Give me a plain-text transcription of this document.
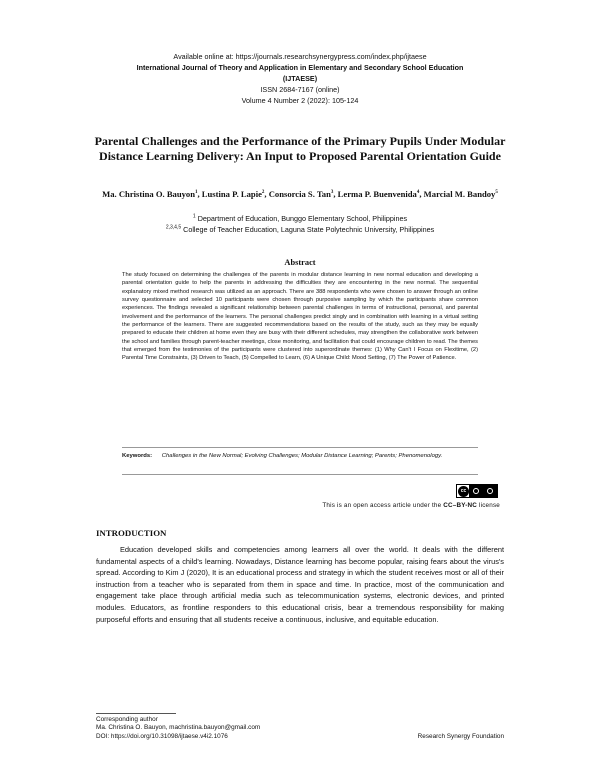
Available online at: https://journals.researchsynergypress.com/index.php/ijtaese
International Journal of Theory and Application in Elementary and Secondary School Education
(IJTAESE)
ISSN 2684-7167 (online)
Volume 4 Number 2 (2022): 105-124
Parental Challenges and the Performance of the Primary Pupils Under Modular Distance Learning Delivery: An Input to Proposed Parental Orientation Guide
Ma. Christina O. Bauyon$^1$, Lustina P. Lapie$^2$, Consorcia S. Tan$^3$, Lerma P. Buenvenida$^4$, Marcial M. Bandoy$^5$
$^1$ Department of Education, Bunggo Elementary School, Philippines
$^{2,3,4,5}$ College of Teacher Education, Laguna State Polytechnic University, Philippines
Abstract
The study focused on determining the challenges of the parents in modular distance learning in new normal education and developing a parental orientation guide to help the parents in addressing the difficulties they are encountering in the new normal. The sequential explanatory mixed method research was utilized as an approach. There are 388 respondents who were chosen to answer through an online survey questionnaire and selected 10 participants were chosen through purposive sampling by which the participants share common experiences. The findings revealed a significant relationship between parental challenges in terms of instructional, personal, and parental involvement and the performance of the learners. The personal challenges predict singly and in combination with learning in a virtual setting the performance of the learners. There are suggested recommendations based on the results of the study, such as they may be equally prepared to educate their children at home even they are busy with their different schedules, may strengthen the collaborative work between the school and families through parent-teacher meetings, close monitoring, and facilitation that could encourage children to read. The themes that emerged from the testimonies of the participants were clustered into superordinate themes: (1) Why Can't I Focus on Flexitime, (2) Parental Time Constraints, (3) Driven to Teach, (5) Compelled to Learn, (6) A Unique Child: Mood Setting, (7) The Power of Patience.
Keywords: Challenges in the New Normal; Evolving Challenges; Modular Distance Learning; Parents; Phenomenology.
cc
This is an open access article under the CC–BY-NC license
INTRODUCTION
Education developed skills and competencies among learners all over the world. It deals with the different fundamental aspects of a child's learning. Nowadays, Distance learning has become popular, raising fears about the virus's spread. According to Kim J (2020), It is an educational process and strategy in which the student receives most or all of their instruction from a teacher who is separated from them in space and time. In practice, most of the communication and engagement take place through artificial media such as telecommunication systems, electronic devices, and printed modules. Educators, as frontline responders to this educational crisis, bear a tremendous responsibility for making purposeful efforts and ensuring that all students receive a continuous, inclusive, and equitable education.
Corresponding author
Ma. Christina O. Bauyon, machristina.bauyon@gmail.com
DOI: https://doi.org/10.31098/ijtaese.v4i2.1076	Research Synergy Foundation
